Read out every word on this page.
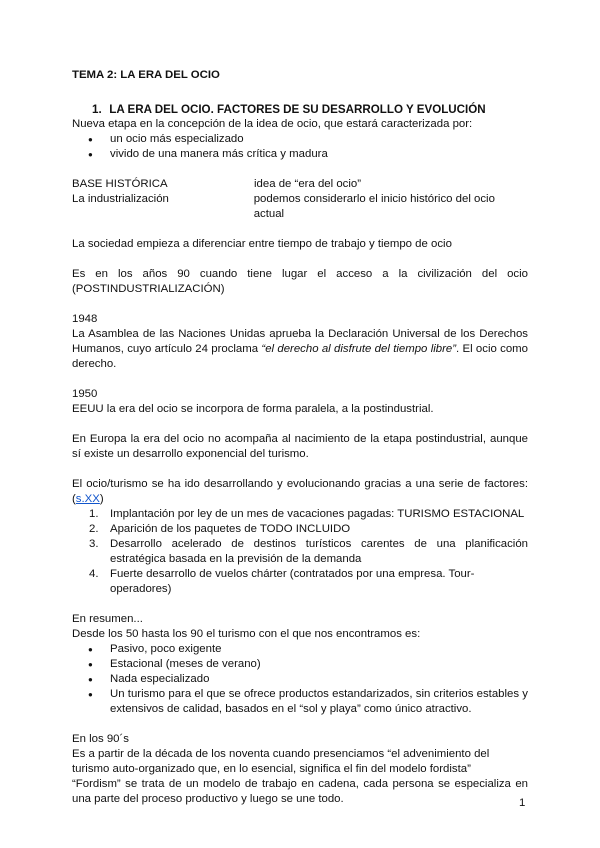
TEMA 2: LA ERA DEL OCIO

1. LA ERA DEL OCIO. FACTORES DE SU DESARROLLO Y EVOLUCIÓN

Nueva etapa en la concepción de la idea de ocio, que estará caracterizada por:

● un ocio más especializado
● vivido de una manera más crítica y madura
BASE HISTÓRICA	idea de “era del ocio”
La industrialización	podemos considerarlo el inicio histórico del ocio actual

La sociedad empieza a diferenciar entre tiempo de trabajo y tiempo de ocio

Es en los años 90 cuando tiene lugar el acceso a la civilización del ocio (POSTINDUSTRIALIZACIÓN)

1948

La Asamblea de las Naciones Unidas aprueba la Declaración Universal de los Derechos Humanos, cuyo artículo 24 proclama “el derecho al disfrute del tiempo libre”. El ocio como derecho.

1950

EEUU la era del ocio se incorpora de forma paralela, a la postindustrial.

En Europa la era del ocio no acompaña al nacimiento de la etapa postindustrial, aunque sí existe un desarrollo exponencial del turismo.

El ocio/turismo se ha ido desarrollando y evolucionando gracias a una serie de factores: (s.XX)

1. Implantación por ley de un mes de vacaciones pagadas: TURISMO ESTACIONAL
2. Aparición de los paquetes de TODO INCLUIDO
3. Desarrollo acelerado de destinos turísticos carentes de una planificación estratégica basada en la previsión de la demanda
4. Fuerte desarrollo de vuelos chárter (contratados por una empresa. Tour-operadores)

En resumen...

Desde los 50 hasta los 90 el turismo con el que nos encontramos es:

● Pasivo, poco exigente
● Estacional (meses de verano)
● Nada especializado
● Un turismo para el que se ofrece productos estandarizados, sin criterios estables y extensivos de calidad, basados en el “sol y playa” como único atractivo.

En los 90´s

Es a partir de la década de los noventa cuando presenciamos “el advenimiento del turismo auto-organizado que, en lo esencial, significa el fin del modelo fordista”

“Fordism” se trata de un modelo de trabajo en cadena, cada persona se especializa en una parte del proceso productivo y luego se une todo.	1
